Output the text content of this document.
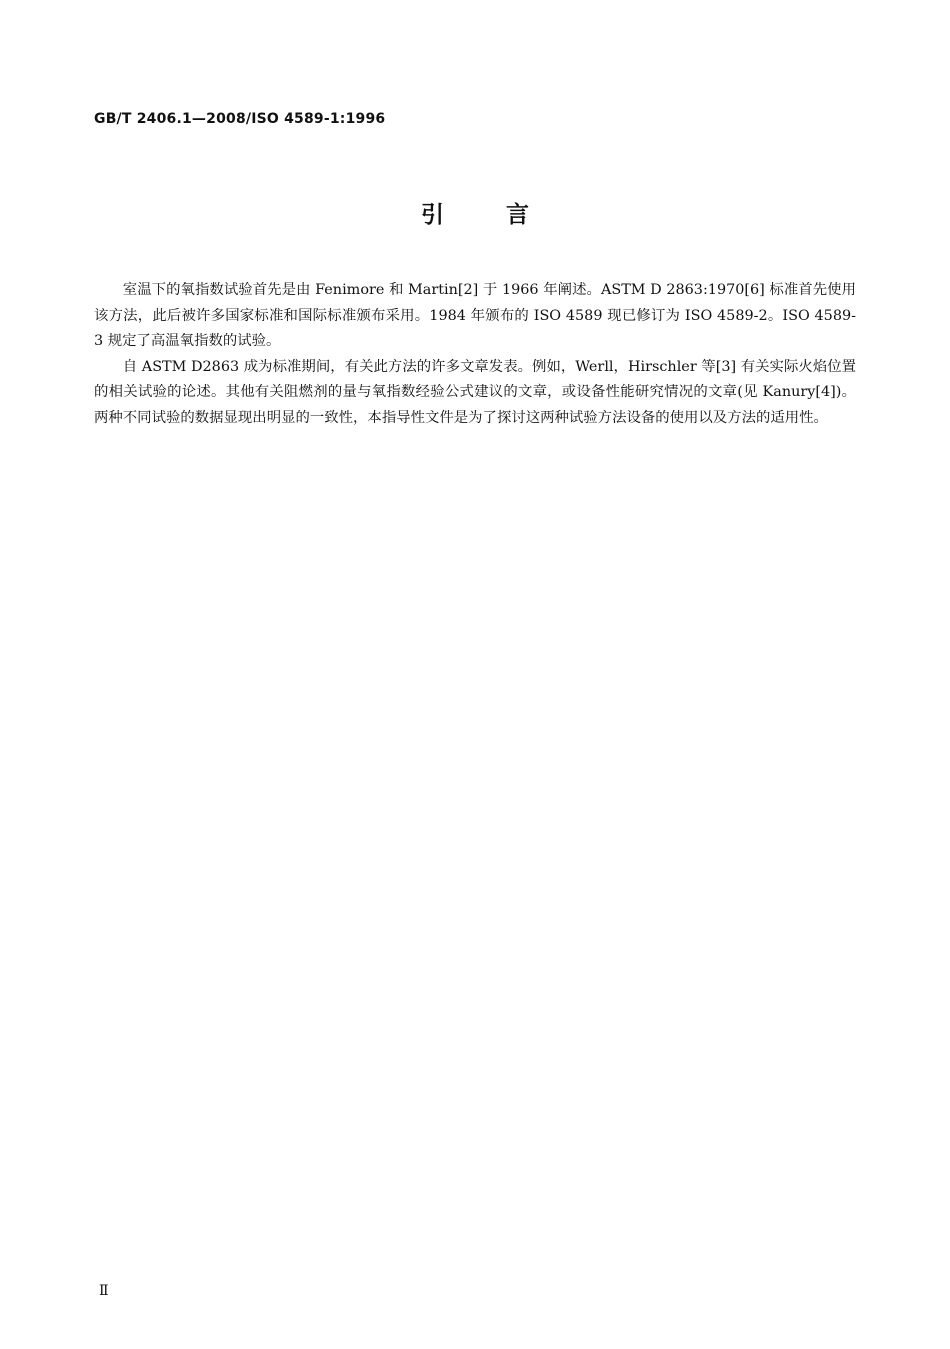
GB/T 2406.1—2008/ISO 4589-1:1996
引言

室温下的氧指数试验首先是由 Fenimore 和 Martin[2] 于 1966 年阐述。ASTM D 2863:1970[6] 标准首先使用该方法，此后被许多国家标准和国际标准颁布采用。1984 年颁布的 ISO 4589 现已修订为 ISO 4589-2。ISO 4589-3 规定了高温氧指数的试验。

自 ASTM D2863 成为标准期间，有关此方法的许多文章发表。例如，Werll，Hirschler 等[3] 有关实际火焰位置的相关试验的论述。其他有关阻燃剂的量与氧指数经验公式建议的文章，或设备性能研究情况的文章(见 Kanury[4])。两种不同试验的数据显现出明显的一致性，本指导性文件是为了探讨这两种试验方法设备的使用以及方法的适用性。

Ⅱ
